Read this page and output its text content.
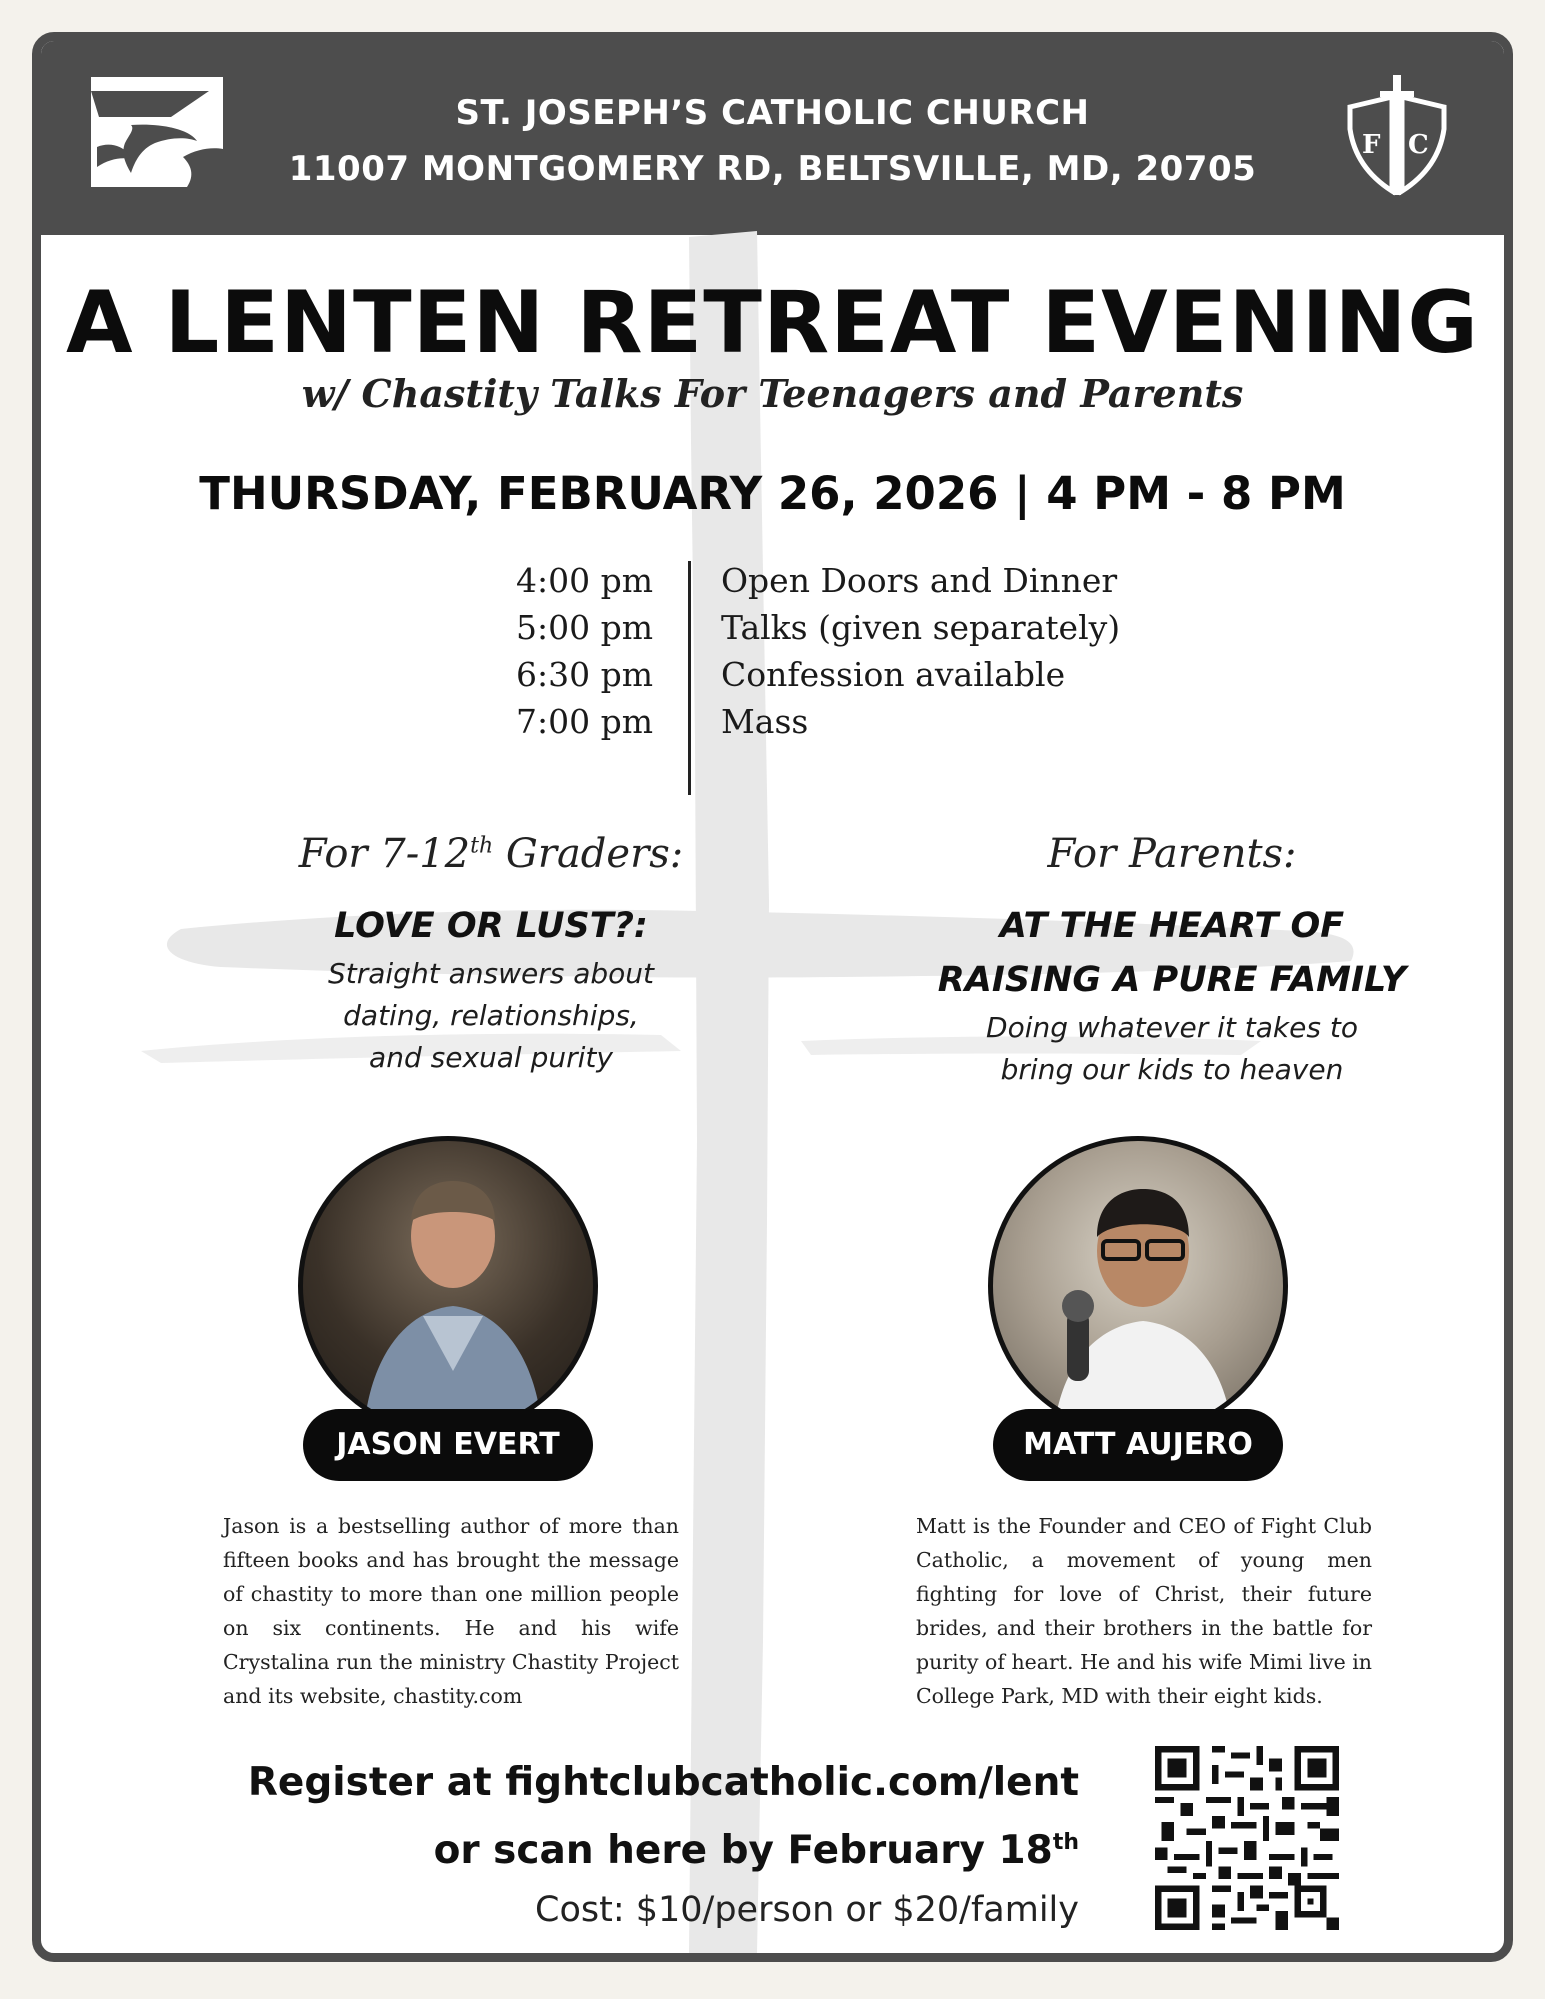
ST. JOSEPH’S CATHOLIC CHURCH
11007 MONTGOMERY RD, BELTSVILLE, MD, 20705
F C
A LENTEN RETREAT EVENING
w/ Chastity Talks For Teenagers and Parents
THURSDAY, FEBRUARY 26, 2026 | 4 PM - 8 PM
4:00 pm Open Doors and Dinner
5:00 pm Talks (given separately)
6:30 pm Confession available
7:00 pm Mass
For 7-12th Graders:
LOVE OR LUST?:
Straight answers about
dating, relationships,
and sexual purity
For Parents:
AT THE HEART OF
RAISING A PURE FAMILY
Doing whatever it takes to
bring our kids to heaven
JASON EVERT	MATT AUJERO
Jason is a bestselling author of more than fifteen books and has brought the message of chastity to more than one million people on six continents. He and his wife Crystalina run the ministry Chastity Project and its website, chastity.com
Matt is the Founder and CEO of Fight Club Catholic, a movement of young men fighting for love of Christ, their future brides, and their brothers in the battle for purity of heart. He and his wife Mimi live in College Park, MD with their eight kids.
Register at fightclubcatholic.com/lent
or scan here by February 18th
Cost: $10/person or $20/family
